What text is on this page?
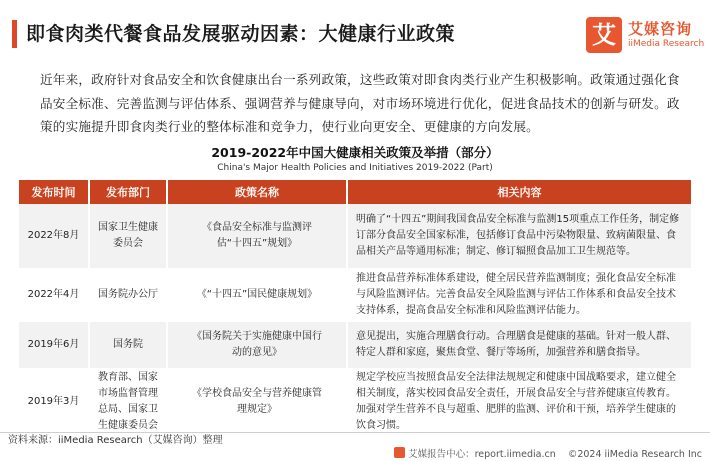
即食肉类代餐食品发展驱动因素：大健康行业政策	艾 艾媒咨询
iiMedia Research
近年来，政府针对食品安全和饮食健康出台一系列政策，这些政策对即食肉类行业产生积极影响。政策通过强化食品安全标准、完善监测与评估体系、强调营养与健康导向，对市场环境进行优化，促进食品技术的创新与研发。政策的实施提升即食肉类行业的整体标准和竞争力，使行业向更安全、更健康的方向发展。
2019-2022年中国大健康相关政策及举措（部分）
China's Major Health Policies and Initiatives 2019-2022 (Part)
发布时间	发布部门	政策名称	相关内容
2022年8月	国家卫生健康委员会	《食品安全标准与监测评估“十四五”规划》	明确了“十四五”期间我国食品安全标准与监测15项重点工作任务，制定修订部分食品安全国家标准，包括修订食品中污染物限量、致病菌限量、食品相关产品等通用标准；制定、修订辐照食品加工卫生规范等。
2022年4月	国务院办公厅	《“十四五”国民健康规划》	推进食品营养标准体系建设，健全居民营养监测制度；强化食品安全标准与风险监测评估。完善食品安全风险监测与评估工作体系和食品安全技术支持体系，提高食品安全标准和风险监测评估能力。
2019年6月	国务院	《国务院关于实施健康中国行动的意见》	意见提出，实施合理膳食行动。合理膳食是健康的基础。针对一般人群、特定人群和家庭，聚焦食堂、餐厅等场所，加强营养和膳食指导。
2019年3月	教育部、国家市场监督管理总局、国家卫生健康委员会	《学校食品安全与营养健康管理规定》	规定学校应当按照食品安全法律法规规定和健康中国战略要求，建立健全相关制度，落实校园食品安全责任，开展食品安全与营养健康宣传教育。加强对学生营养不良与超重、肥胖的监测、评价和干预，培养学生健康的饮食习惯。
资料来源：iiMedia Research（艾媒咨询）整理
艾媒报告中心：report.iimedia.cn ©2024 iiMedia Research Inc
